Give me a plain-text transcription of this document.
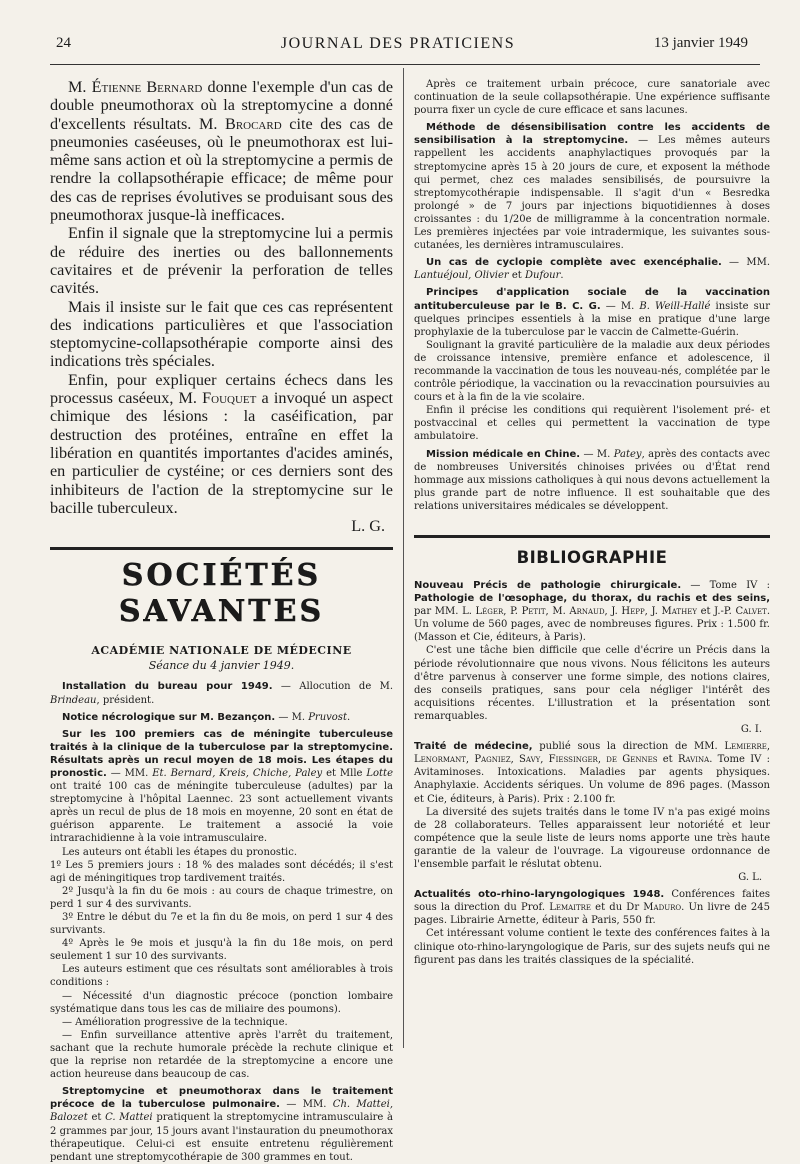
24	JOURNAL DES PRATICIENS	13 janvier 1949

M. Étienne Bernard donne l'exemple d'un cas de double pneumothorax où la streptomycine a donné d'excellents résultats. M. Brocard cite des cas de pneumonies caséeuses, où le pneumothorax est lui-même sans action et où la streptomycine a permis de rendre la collapsothérapie efficace; de même pour des cas de reprises évolutives se produisant sous des pneumothorax jusque-là inefficaces.

Enfin il signale que la streptomycine lui a permis de réduire des inerties ou des ballonnements cavitaires et de prévenir la perforation de telles cavités.

Mais il insiste sur le fait que ces cas représentent des indications particulières et que l'association steptomycine-collapsothérapie comporte ainsi des indications très spéciales.

Enfin, pour expliquer certains échecs dans les processus caséeux, M. Fouquet a invoqué un aspect chimique des lésions : la caséification, par destruction des protéines, entraîne en effet la libération en quantités importantes d'acides aminés, en particulier de cystéine; or ces derniers sont des inhibiteurs de l'action de la streptomycine sur le bacille tuberculeux.

L. G.
SOCIÉTÉS SAVANTES
ACADÉMIE NATIONALE DE MÉDECINE
Séance du 4 janvier 1949.

Installation du bureau pour 1949. — Allocution de M. Brindeau, président.

Notice nécrologique sur M. Bezançon. — M. Pruvost.

Sur les 100 premiers cas de méningite tuberculeuse traités à la clinique de la tuberculose par la streptomycine. Résultats après un recul moyen de 18 mois. Les étapes du pronostic. — MM. Et. Bernard, Kreis, Chiche, Paley et Mlle Lotte ont traité 100 cas de méningite tuberculeuse (adultes) par la streptomycine à l'hôpital Laennec. 23 sont actuellement vivants après un recul de plus de 18 mois en moyenne, 20 sont en état de guérison apparente. Le traitement a associé la voie intrarachidienne à la voie intramusculaire.

Les auteurs ont établi les étapes du pronostic.

1º Les 5 premiers jours : 18 % des malades sont décédés; il s'est agi de méningitiques trop tardivement traités.

2º Jusqu'à la fin du 6e mois : au cours de chaque trimestre, on perd 1 sur 4 des survivants.

3º Entre le début du 7e et la fin du 8e mois, on perd 1 sur 4 des survivants.

4º Après le 9e mois et jusqu'à la fin du 18e mois, on perd seulement 1 sur 10 des survivants.

Les auteurs estiment que ces résultats sont améliorables à trois conditions :

— Nécessité d'un diagnostic précoce (ponction lombaire systématique dans tous les cas de miliaire des poumons).

— Amélioration progressive de la technique.

— Enfin surveillance attentive après l'arrêt du traitement, sachant que la rechute humorale précède la rechute clinique et que la reprise non retardée de la streptomycine a encore une action heureuse dans beaucoup de cas.

Streptomycine et pneumothorax dans le traitement précoce de la tuberculose pulmonaire. — MM. Ch. Mattei, Balozet et C. Mattei pratiquent la streptomycine intramusculaire à 2 grammes par jour, 15 jours avant l'instauration du pneumothorax thérapeutique. Celui-ci est ensuite entretenu régulièrement pendant une streptomycothérapie de 300 grammes en tout.

Après ce traitement urbain précoce, cure sanatoriale avec continuation de la seule collapsothérapie. Une expérience suffisante pourra fixer un cycle de cure efficace et sans lacunes.

Méthode de désensibilisation contre les accidents de sensibilisation à la streptomycine. — Les mêmes auteurs rappellent les accidents anaphylactiques provoqués par la streptomycine après 15 à 20 jours de cure, et exposent la méthode qui permet, chez ces malades sensibilisés, de poursuivre la streptomycothérapie indispensable. Il s'agit d'un « Besredka prolongé » de 7 jours par injections biquotidiennes à doses croissantes : du 1/20e de milligramme à la concentration normale. Les premières injectées par voie intradermique, les suivantes sous-cutanées, les dernières intramusculaires.

Un cas de cyclopie complète avec exencéphalie. — MM. Lantuéjoul, Olivier et Dufour.

Principes d'application sociale de la vaccination antituberculeuse par le B. C. G. — M. B. Weill-Hallé insiste sur quelques principes essentiels à la mise en pratique d'une large prophylaxie de la tuberculose par le vaccin de Calmette-Guérin.

Soulignant la gravité particulière de la maladie aux deux périodes de croissance intensive, première enfance et adolescence, il recommande la vaccination de tous les nouveau-nés, complétée par le contrôle périodique, la vaccination ou la revaccination poursuivies au cours et à la fin de la vie scolaire.

Enfin il précise les conditions qui requièrent l'isolement pré- et postvaccinal et celles qui permettent la vaccination de type ambulatoire.

Mission médicale en Chine. — M. Patey, après des contacts avec de nombreuses Universités chinoises privées ou d'État rend hommage aux missions catholiques à qui nous devons actuellement la plus grande part de notre influence. Il est souhaitable que des relations universitaires médicales se développent.

BIBLIOGRAPHIE

Nouveau Précis de pathologie chirurgicale. — Tome IV : Pathologie de l'œsophage, du thorax, du rachis et des seins, par MM. L. Léger, P. Petit, M. Arnaud, J. Hepp, J. Mathey et J.-P. Calvet. Un volume de 560 pages, avec de nombreuses figures. Prix : 1.500 fr. (Masson et Cie, éditeurs, à Paris).

C'est une tâche bien difficile que celle d'écrire un Précis dans la période révolutionnaire que nous vivons. Nous félicitons les auteurs d'être parvenus à conserver une forme simple, des notions claires, des conseils pratiques, sans pour cela négliger l'intérêt des acquisitions récentes. L'illustration et la présentation sont remarquables.

G. I.

Traité de médecine, publié sous la direction de MM. Lemierre, Lenormant, Pagniez, Savy, Fiessinger, de Gennes et Ravina. Tome IV : Avitaminoses. Intoxications. Maladies par agents physiques. Anaphylaxie. Accidents sériques. Un volume de 896 pages. (Masson et Cie, éditeurs, à Paris). Prix : 2.100 fr.

La diversité des sujets traités dans le tome IV n'a pas exigé moins de 28 collaborateurs. Telles apparaissent leur notoriété et leur compétence que la seule liste de leurs noms apporte une très haute garantie de la valeur de l'ouvrage. La vigoureuse ordonnance de l'ensemble parfait le réslutat obtenu.

G. L.

Actualités oto-rhino-laryngologiques 1948. Conférences faites sous la direction du Prof. Lemaitre et du Dr Maduro. Un livre de 245 pages. Librairie Arnette, éditeur à Paris, 550 fr.

Cet intéressant volume contient le texte des conférences faites à la clinique oto-rhino-laryngologique de Paris, sur des sujets neufs qui ne figurent pas dans les traités classiques de la spécialité.
